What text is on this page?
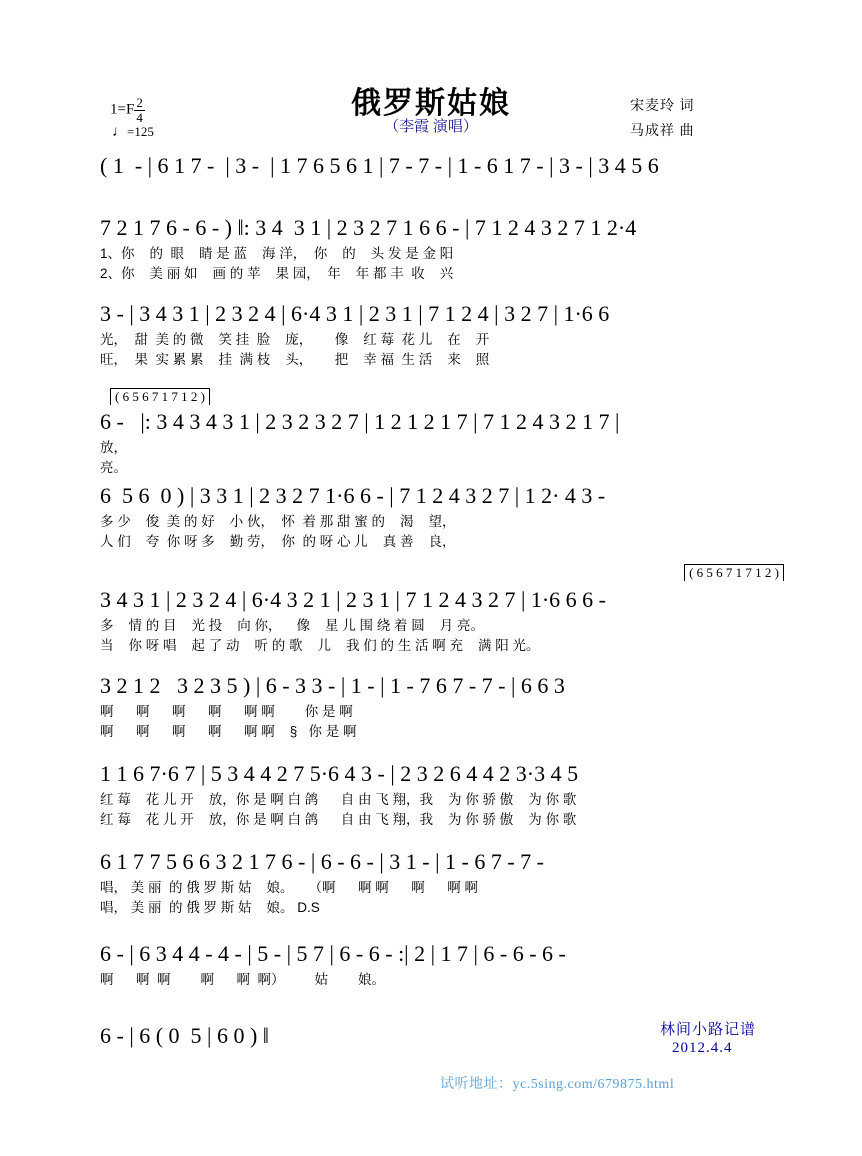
$1=F \frac{2}{4}$
♩=125
俄罗斯姑娘
（李霞 演唱）
宋麦玲 词
马成祥 曲
( 1  - | 6 1 7 -  | 3 -  | 1 7 6 5 6 1 | 7 - 7 - | 1 - 6 1 7 - | 3 - | 3 4 5 6
7 2 1 7 6 - 6 - ) ‖: 3 4  3 1 | 2 3 2 7 1 6 6 - | 7 1 2 4 3 2 7 1 2·4
1、你    的  眼    睛 是 蓝    海 洋，  你    的    头 发 是 金 阳
2、你    美 丽 如    画 的 苹    果 园，  年    年 都 丰  收    兴
3 - | 3 4 3 1 | 2 3 2 4 | 6·4 3 1 | 2 3 1 | 7 1 2 4 | 3 2 7 | 1·6 6
光，  甜  美 的 微    笑 挂  脸    庞，      像    红 莓  花 儿    在    开
旺，  果  实 累 累    挂  满 枝    头，      把    幸 福  生 活    来    照
( 6 5 6 7 1 7 1 2 )
6 -   |: 3 4 3 4 3 1 | 2 3 2 3 2 7 | 1 2 1 2 1 7 | 7 1 2 4 3 2 1 7 |
放，
亮。
6  5 6  0 ) | 3 3 1 | 2 3 2 7 1·6 6 - | 7 1 2 4 3 2 7 | 1 2· 4 3 -
多 少    俊  美 的 好    小 伙，  怀  着 那 甜 蜜 的    渴    望，
人 们    夸  你 呀 多    勤 劳，  你  的 呀 心 儿    真 善    良，
( 6 5 6 7 1 7 1 2 )
3 4 3 1 | 2 3 2 4 | 6·4 3 2 1 | 2 3 1 | 7 1 2 4 3 2 7 | 1·6 6 6 -
多    情 的 目    光 投    向 你，    像    星 儿 围 绕 着 圆    月 亮。
当    你 呀 唱    起 了 动    听 的 歌    儿    我 们 的 生 活 啊 充    满 阳 光。
3 2 1 2   3 2 3 5 ) | 6 - 3 3 - | 1 - | 1 - 7 6 7 - 7 - | 6 6 3
啊      啊      啊      啊      啊 啊        你 是 啊
啊      啊      啊      啊      啊 啊    §   你 是 啊
1 1 6 7·6 7 | 5 3 4 4 2 7 5·6 4 3 - | 2 3 2 6 4 4 2 3·3 4 5
红 莓    花 儿 开    放，你 是 啊 白 鸽      自 由 飞 翔，我    为 你 骄 傲    为 你 歌
红 莓    花 儿 开    放，你 是 啊 白 鸽      自 由 飞 翔，我    为 你 骄 傲    为 你 歌
6 1 7 7 5 6 6 3 2 1 7 6 - | 6 - 6 - | 3 1 - | 1 - 6 7 - 7 -
唱， 美 丽  的 俄 罗 斯 姑    娘。    （啊      啊 啊      啊      啊 啊
唱， 美 丽  的 俄 罗 斯 姑    娘。 D.S
6 - | 6 3 4 4 - 4 - | 5 - | 5 7 | 6 - 6 - :| 2 | 1 7 | 6 - 6 - 6 -
啊      啊  啊        啊      啊  啊）        姑        娘。
6 - | 6 ( 0  5 | 6 0 ) ‖	林间小路记谱
2012.4.4
试听地址：yc.5sing.com/679875.html
